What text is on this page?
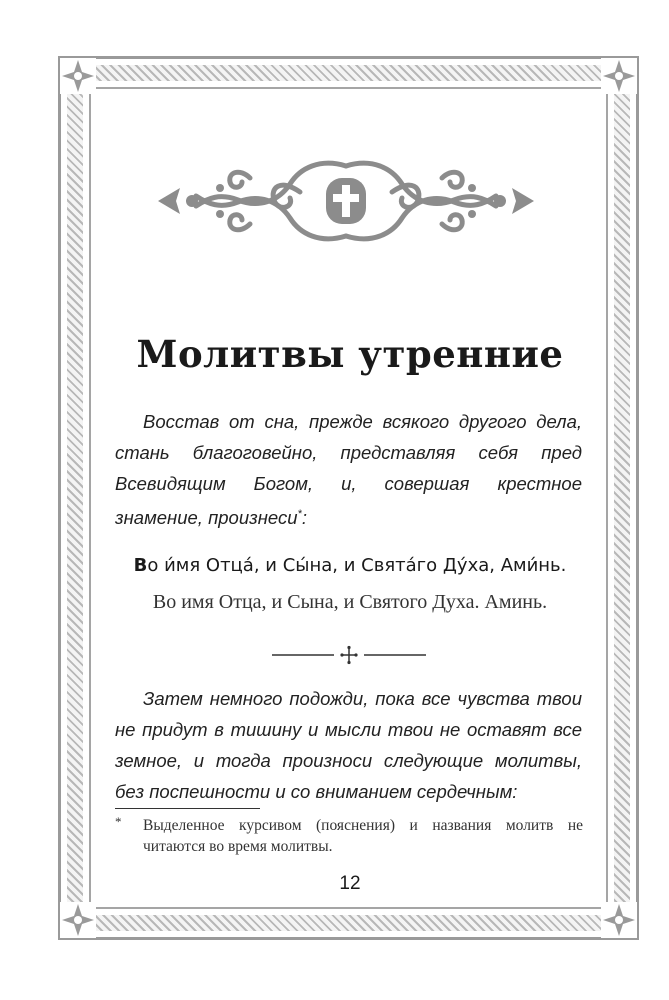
Молитвы утренние

Восстав от сна, прежде всякого другого дела, стань благоговейно, представляя себя пред Всевидящим Богом, и, совершая крестное знамение, произнеси*:

Во и́мя Отца́, и Сы́на, и Свята́го Ду́ха, Ами́нь.

Во имя Отца, и Сына, и Святого Духа. Аминь.

Затем немного подожди, пока все чувства твои не придут в тишину и мысли твои не оставят все земное, и тогда произноси следующие молитвы, без поспешности и со вниманием сердечным:

* Выделенное курсивом (пояснения) и названия молитв не читаются во время молитвы.

12
